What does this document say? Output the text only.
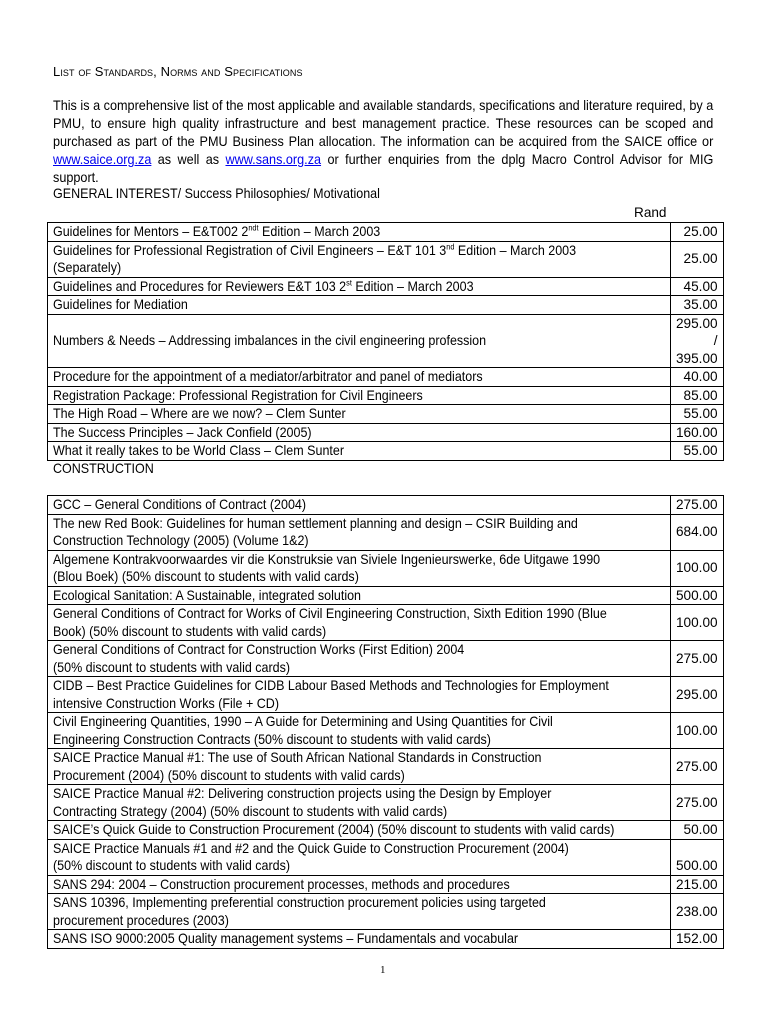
List of Standards, Norms and Specifications
This is a comprehensive list of the most applicable and available standards, specifications and literature required, by a PMU, to ensure high quality infrastructure and best management practice. These resources can be scoped and purchased as part of the PMU Business Plan allocation. The information can be acquired from the SAICE office or www.saice.org.za as well as www.sans.org.za or further enquiries from the dplg Macro Control Advisor for MIG support.
GENERAL INTEREST/ Success Philosophies/ Motivational
Rand
Guidelines for Mentors – E&T002 $2^{ndt}$ Edition – March 2003	25.00

Guidelines for Professional Registration of Civil Engineers – E&T 101 3nd Edition – March 2003 (Separately)	25.00

Guidelines and Procedures for Reviewers E&T 103 2st Edition – March 2003	45.00

Guidelines for Mediation	35.00

Numbers & Needs – Addressing imbalances in the civil engineering profession	295.00 / 395.00

Procedure for the appointment of a mediator/arbitrator and panel of mediators	40.00

Registration Package: Professional Registration for Civil Engineers	85.00

The High Road – Where are we now? – Clem Sunter	55.00

The Success Principles – Jack Confield (2005)	160.00

What it really takes to be World Class – Clem Sunter	55.00
CONSTRUCTION
GCC – General Conditions of Contract (2004)	275.00

The new Red Book: Guidelines for human settlement planning and design – CSIR Building and Construction Technology (2005) (Volume 1&2)	684.00

Algemene Kontrakvoorwaardes vir die Konstruksie van Siviele Ingenieurswerke, 6de Uitgawe 1990 (Blou Boek) (50% discount to students with valid cards)	100.00

Ecological Sanitation: A Sustainable, integrated solution	500.00

General Conditions of Contract for Works of Civil Engineering Construction, Sixth Edition 1990 (Blue Book) (50% discount to students with valid cards)	100.00

General Conditions of Contract for Construction Works (First Edition) 2004
(50% discount to students with valid cards)	275.00

CIDB – Best Practice Guidelines for CIDB Labour Based Methods and Technologies for Employment intensive Construction Works (File + CD)	295.00

Civil Engineering Quantities, 1990 – A Guide for Determining and Using Quantities for Civil Engineering Construction Contracts (50% discount to students with valid cards)	100.00

SAICE Practice Manual #1: The use of South African National Standards in Construction Procurement (2004) (50% discount to students with valid cards)	275.00

SAICE Practice Manual #2: Delivering construction projects using the Design by Employer Contracting Strategy (2004) (50% discount to students with valid cards)	275.00

SAICE’s Quick Guide to Construction Procurement (2004) (50% discount to students with valid cards)	50.00

SAICE Practice Manuals #1 and #2 and the Quick Guide to Construction Procurement (2004)
(50% discount to students with valid cards)	500.00

SANS 294: 2004 – Construction procurement processes, methods and procedures	215.00

SANS 10396, Implementing preferential construction procurement policies using targeted procurement procedures (2003)	238.00

SANS ISO 9000:2005 Quality management systems – Fundamentals and vocabular	152.00
1
